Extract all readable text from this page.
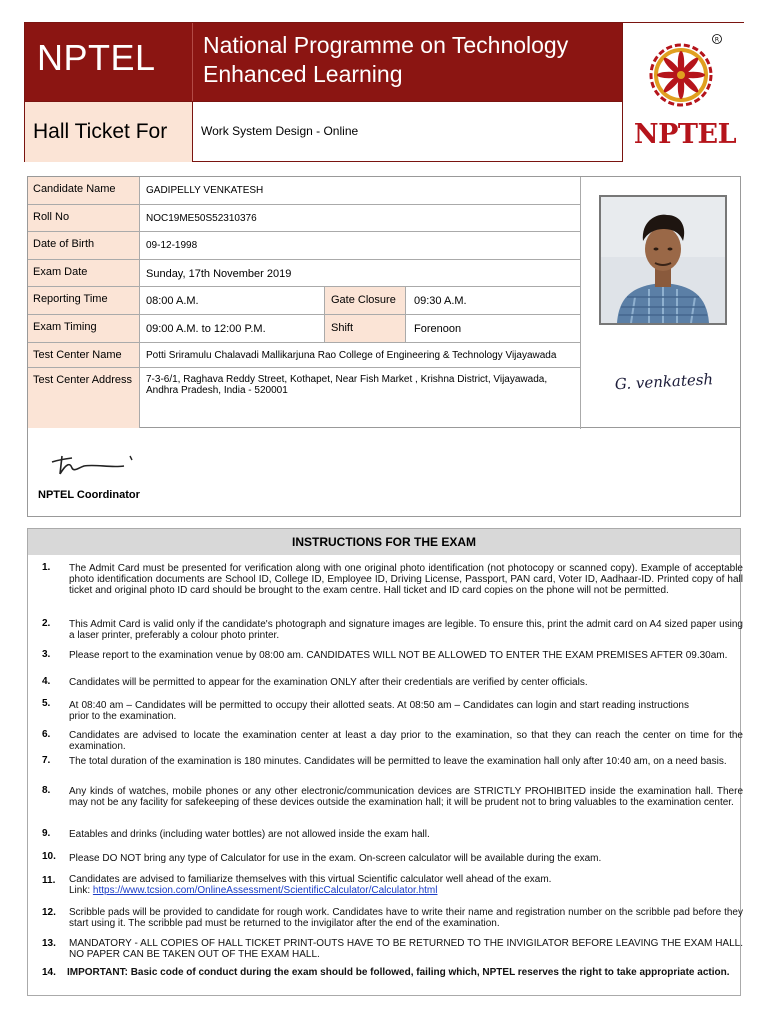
NPTEL National Programme on Technology Enhanced Learning
Hall Ticket For	Work System Design - Online
R
NPTEL
Candidate Name	GADIPELLY VENKATESH
Roll No	NOC19ME50S52310376
Date of Birth	09-12-1998
Exam Date	Sunday, 17th November 2019
Reporting Time	08:00 A.M.	Gate Closure	09:30 A.M.
Exam Timing	09:00 A.M. to 12:00 P.M.	Shift	Forenoon
Test Center Name	Potti Sriramulu Chalavadi Mallikarjuna Rao College of Engineering & Technology Vijayawada
Test Center Address	7-3-6/1, Raghava Reddy Street, Kothapet, Near Fish Market , Krishna District, Vijayawada,
Andhra Pradesh, India - 520001	G. venkatesh
NPTEL Coordinator
INSTRUCTIONS FOR THE EXAM
1. The Admit Card must be presented for verification along with one original photo identification (not photocopy or scanned copy). Example of acceptable photo identification documents are School ID, College ID, Employee ID, Driving License, Passport, PAN card, Voter ID, Aadhaar-ID. Printed copy of hall ticket and original photo ID card should be brought to the exam centre. Hall ticket and ID card copies on the phone will not be permitted.
2. This Admit Card is valid only if the candidate's photograph and signature images are legible. To ensure this, print the admit card on A4 sized paper using a laser printer, preferably a colour photo printer.
3. Please report to the examination venue by 08:00 am. CANDIDATES WILL NOT BE ALLOWED TO ENTER THE EXAM PREMISES AFTER 09.30am.
4. Candidates will be permitted to appear for the examination ONLY after their credentials are verified by center officials.
5. At 08:40 am – Candidates will be permitted to occupy their allotted seats. At 08:50 am – Candidates can login and start reading instructions prior to the examination.
6. Candidates are advised to locate the examination center at least a day prior to the examination, so that they can reach the center on time for the examination.
7. The total duration of the examination is 180 minutes. Candidates will be permitted to leave the examination hall only after 10:40 am, on a need basis.
8. Any kinds of watches, mobile phones or any other electronic/communication devices are STRICTLY PROHIBITED inside the examination hall. There may not be any facility for safekeeping of these devices outside the examination hall; it will be prudent not to bring valuables to the examination center.
9. Eatables and drinks (including water bottles) are not allowed inside the exam hall.
10. Please DO NOT bring any type of Calculator for use in the exam. On-screen calculator will be available during the exam.
11. Candidates are advised to familiarize themselves with this virtual Scientific calculator well ahead of the exam.
Link: https://www.tcsion.com/OnlineAssessment/ScientificCalculator/Calculator.html
12. Scribble pads will be provided to candidate for rough work. Candidates have to write their name and registration number on the scribble pad before they start using it. The scribble pad must be returned to the invigilator after the end of the examination.
13. MANDATORY - ALL COPIES OF HALL TICKET PRINT-OUTS HAVE TO BE RETURNED TO THE INVIGILATOR BEFORE LEAVING THE EXAM HALL. NO PAPER CAN BE TAKEN OUT OF THE EXAM HALL.
14. IMPORTANT: Basic code of conduct during the exam should be followed, failing which, NPTEL reserves the right to take appropriate action.
